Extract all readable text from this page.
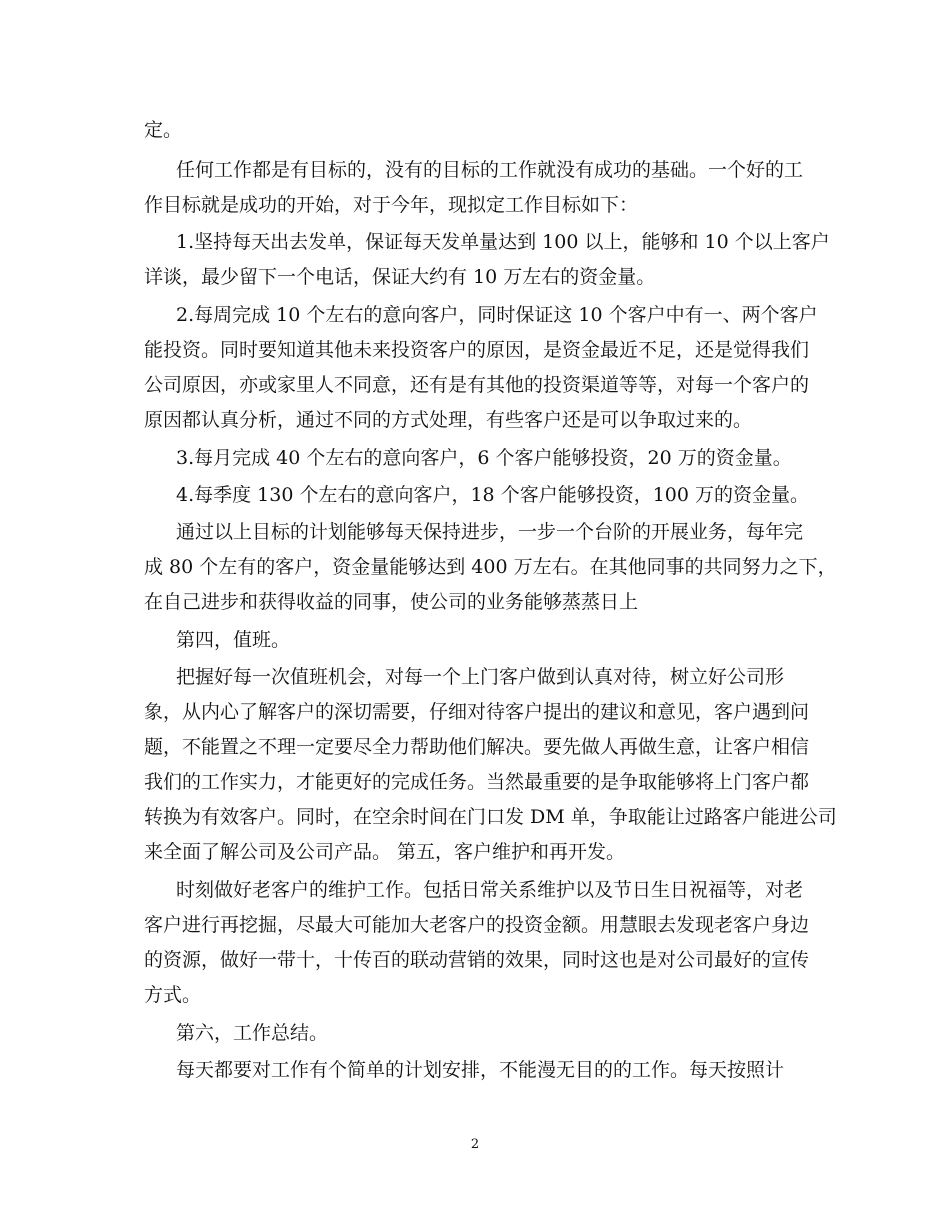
定。
任何工作都是有目标的，没有的目标的工作就没有成功的基础。一个好的工
作目标就是成功的开始，对于今年，现拟定工作目标如下：
1.坚持每天出去发单，保证每天发单量达到 100 以上，能够和 10 个以上客户
详谈，最少留下一个电话，保证大约有 10 万左右的资金量。
2.每周完成 10 个左右的意向客户，同时保证这 10 个客户中有一、两个客户
能投资。同时要知道其他未来投资客户的原因，是资金最近不足，还是觉得我们
公司原因，亦或家里人不同意，还有是有其他的投资渠道等等，对每一个客户的
原因都认真分析，通过不同的方式处理，有些客户还是可以争取过来的。
3.每月完成 40 个左右的意向客户，6 个客户能够投资，20 万的资金量。
4.每季度 130 个左右的意向客户，18 个客户能够投资，100 万的资金量。
通过以上目标的计划能够每天保持进步，一步一个台阶的开展业务，每年完
成 80 个左有的客户，资金量能够达到 400 万左右。在其他同事的共同努力之下，
在自己进步和获得收益的同事，使公司的业务能够蒸蒸日上
第四，值班。
把握好每一次值班机会，对每一个上门客户做到认真对待，树立好公司形
象，从内心了解客户的深切需要，仔细对待客户提出的建议和意见，客户遇到问
题，不能置之不理一定要尽全力帮助他们解决。要先做人再做生意，让客户相信
我们的工作实力，才能更好的完成任务。当然最重要的是争取能够将上门客户都
转换为有效客户。同时，在空余时间在门口发 DM 单，争取能让过路客户能进公司
来全面了解公司及公司产品。 第五，客户维护和再开发。
时刻做好老客户的维护工作。包括日常关系维护以及节日生日祝福等，对老
客户进行再挖掘，尽最大可能加大老客户的投资金额。用慧眼去发现老客户身边
的资源，做好一带十，十传百的联动营销的效果，同时这也是对公司最好的宣传
方式。
第六，工作总结。
每天都要对工作有个简单的计划安排，不能漫无目的的工作。每天按照计
2
